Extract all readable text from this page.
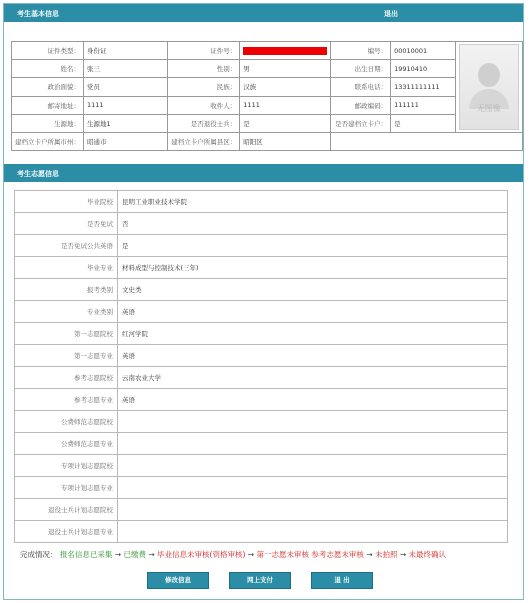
考生基本信息	退出
证件类型：	身份证	证件号：		编号：	00010001	无图像

姓名：	张三	性别：	男	出生日期：	19910410	
政治面貌：	党员	民族：	汉族	联系电话：	13311111111	
邮寄地址：	1111	收件人：	1111	邮政编码：	111111	
生源地：	生源地1	是否退役士兵：	是	是否建档立卡户：	是	
建档立卡户所属市州：	昭通市	建档立卡户所属县区：	昭阳区			
考生志愿信息
毕业院校	昆明工业职业技术学院
是否免试	否
是否免试公共英语	是
毕业专业	材料成型与控制技术(三年)
报考类别	文史类
专业类别	英语
第一志愿院校	红河学院
第一志愿专业	英语
参考志愿院校	云南农业大学
参考志愿专业	英语
公费师范志愿院校	
公费师范志愿专业	
专项计划志愿院校	
专项计划志愿专业	
退役士兵计划志愿院校	
退役士兵计划志愿专业	
完成情况： 报名信息已采集 → 已缴费 → 毕业信息未审核(资格审核) → 第一志愿未审核 参考志愿未审核 → 未拍照 → 未最终确认
修改信息	网上支付	退 出
